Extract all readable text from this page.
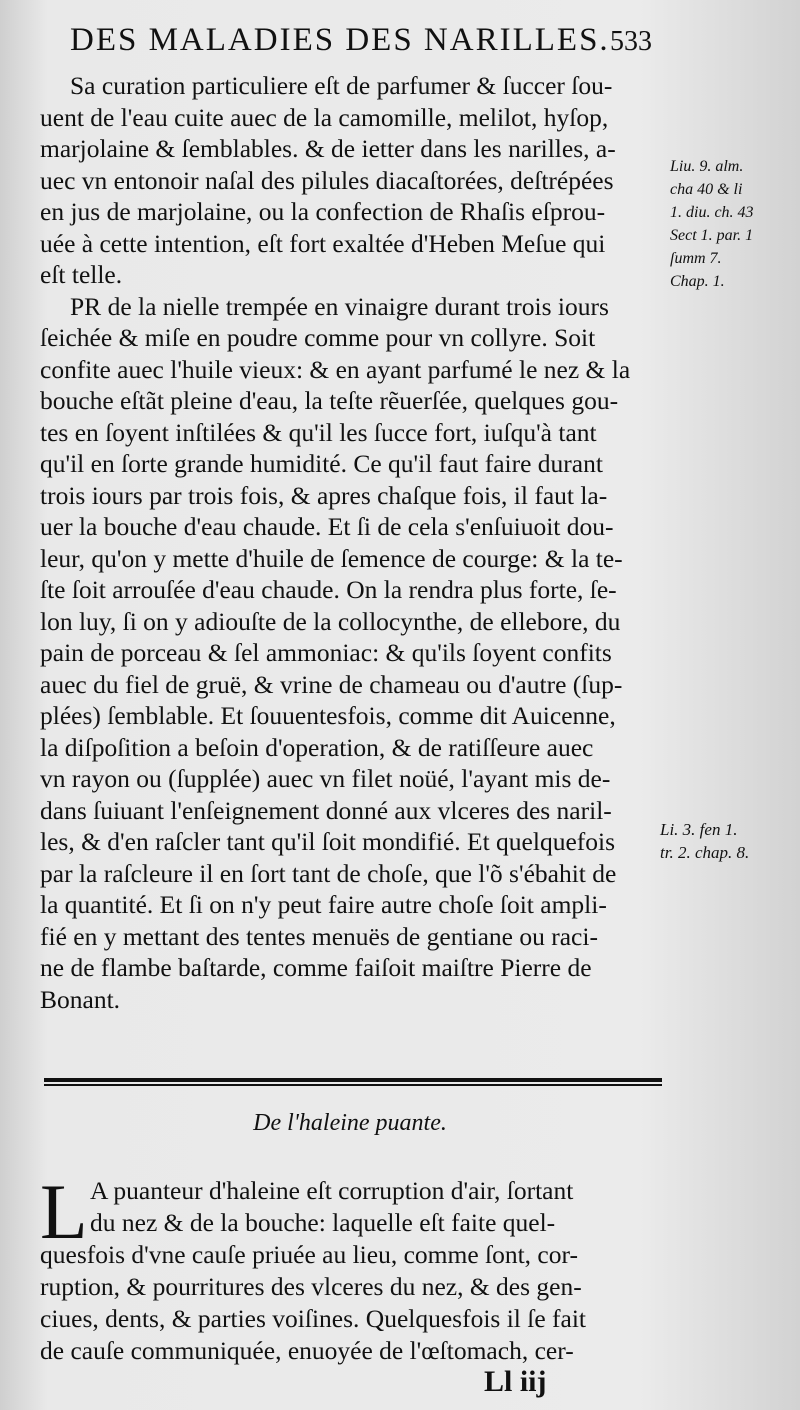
DES MALADIES DES NARILLES. 533
Sa curation particuliere eſt de parfumer & ſuccer ſou-
uent de l'eau cuite auec de la camomille, melilot, hyſop,
marjolaine & ſemblables. & de ietter dans les narilles, a-
uec vn entonoir naſal des pilules diacaſtorées, deſtrépées
en jus de marjolaine, ou la confection de Rhaſis eſprou-
uée à cette intention, eſt fort exaltée d'Heben Meſue qui
eſt telle.
PR de la nielle trempée en vinaigre durant trois iours
ſeichée & miſe en poudre comme pour vn collyre. Soit
confite auec l'huile vieux: & en ayant parfumé le nez & la
bouche eſtãt pleine d'eau, la teſte rẽuerſée, quelques gou-
tes en ſoyent inſtilées & qu'il les ſucce fort, iuſqu'à tant
qu'il en ſorte grande humidité. Ce qu'il faut faire durant
trois iours par trois fois, & apres chaſque fois, il faut la-
uer la bouche d'eau chaude. Et ſi de cela s'enſuiuoit dou-
leur, qu'on y mette d'huile de ſemence de courge: & la te-
ſte ſoit arrouſée d'eau chaude. On la rendra plus forte, ſe-
lon luy, ſi on y adiouſte de la collocynthe, de ellebore, du
pain de porceau & ſel ammoniac: & qu'ils ſoyent confits
auec du fiel de gruë, & vrine de chameau ou d'autre (ſup-
plées) ſemblable. Et ſouuentesfois, comme dit Auicenne,
la diſpoſition a beſoin d'operation, & de ratiſſeure auec
vn rayon ou (ſupplée) auec vn filet noüé, l'ayant mis de-
dans ſuiuant l'enſeignement donné aux vlceres des naril-
les, & d'en raſcler tant qu'il ſoit mondifié. Et quelquefois
par la raſcleure il en ſort tant de choſe, que l'õ s'ébahit de
la quantité. Et ſi on n'y peut faire autre choſe ſoit ampli-
fié en y mettant des tentes menuës de gentiane ou raci-
ne de flambe baſtarde, comme faiſoit maiſtre Pierre de
Bonant.
Liu. 9. alm.
cha 40 & li
1. diu. ch. 43
Sect 1. par. 1
ſumm 7.
Chap. 1.
Li. 3. fen 1.
tr. 2. chap. 8.
De l'haleine puante.
L A puanteur d'haleine eſt corruption d'air, ſortant
du nez & de la bouche: laquelle eſt faite quel-
quesfois d'vne cauſe priuée au lieu, comme ſont, cor-
ruption, & pourritures des vlceres du nez, & des gen-
ciues, dents, & parties voiſines. Quelquesfois il ſe fait
de cauſe communiquée, enuoyée de l'œſtomach, cer-
Ll iij
